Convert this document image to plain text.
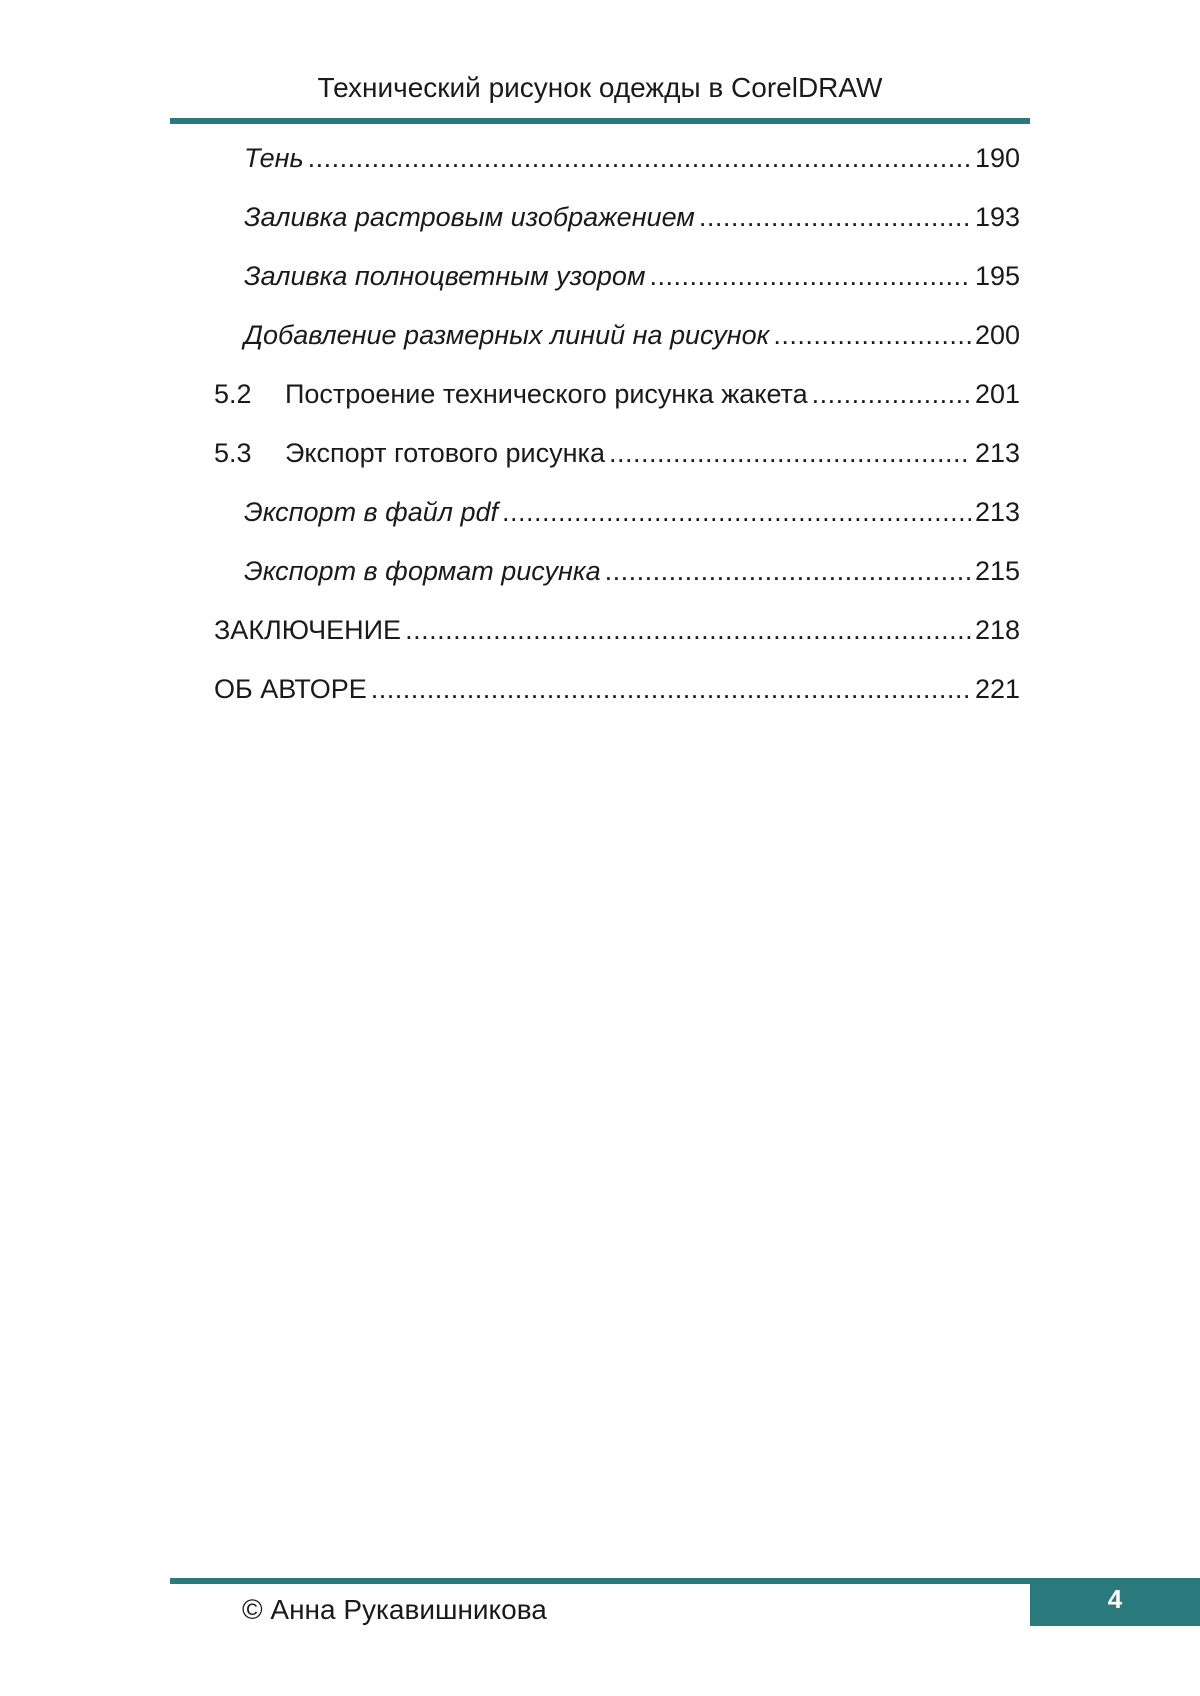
Технический рисунок одежды в CorelDRAW
Тень .....	190
Заливка растровым изображением .....	193
Заливка полноцветным узором .....	195
Добавление размерных линий на рисунок .....	200
5.2	Построение технического рисунка жакета .....	201
5.3	Экспорт готового рисунка .....	213
Экспорт в файл pdf .....	213
Экспорт в формат рисунка .....	215
ЗАКЛЮЧЕНИЕ .....	218
ОБ АВТОРЕ .....	221
© Анна Рукавишникова	4
